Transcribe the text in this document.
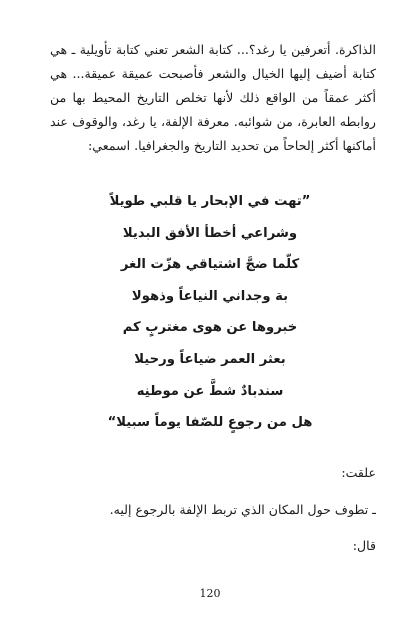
الذاكرة. أتعرفين يا رغد؟... كتابة الشعر تعني كتابة تأويلية ـ هي كتابة أضيف إليها الخيال والشعر فأصبحت عميقة عميقة... هي أكثر عمقاً من الواقع ذلك لأنها تخلص التاريخ المحيط بها من روابطه العابرة، من شوائبه. معرفة الإلفة، يا رغد، والوقوف عند أماكنها أكثر إلحاحاً من تحديد التاريخ والجغرافيا. اسمعي:

”تهت في الإبحار يا قلبي طويلاً
وشراعي أخطأ الأفق البديلا
كلّما ضجَّ اشتياقي هزّت الغر
بة وجداني النياعاً وذهولا
خبروها عن هوى مغتربٍ كم
بعثر العمر ضياعاً ورحيلا
سندبادٌ شطَّ عن موطنِه
هل من رجوعٍ للصّفا يوماً سبيلا“

علقت:

ـ تطوف حول المكان الذي تربط الإلفة بالرجوع إليه.

قال:

120
